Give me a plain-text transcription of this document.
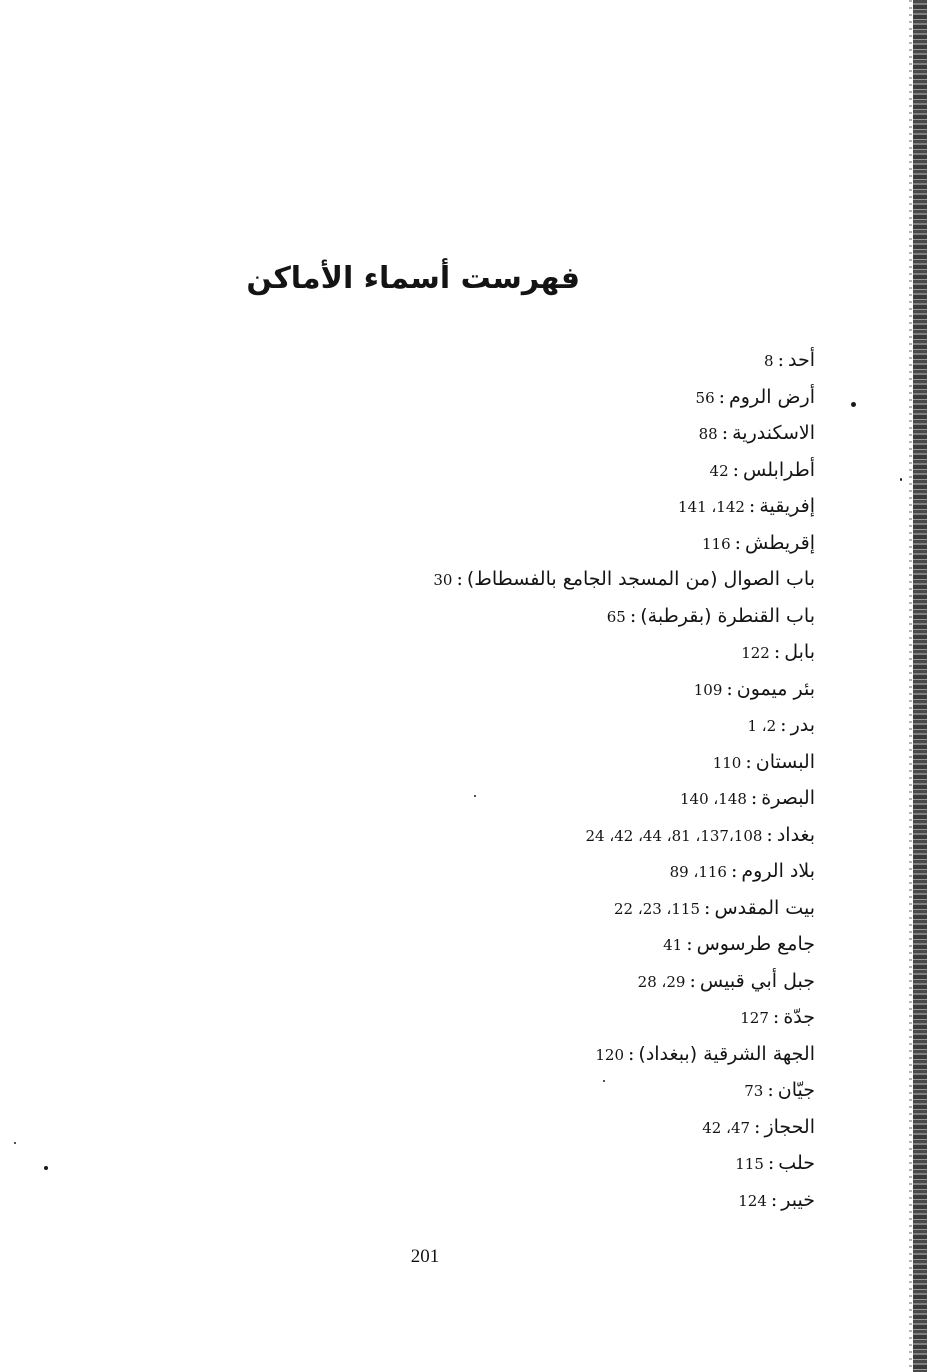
فهرست أسماء الأماكن
أحد:8
أرض الروم:56
الاسكندرية:88
أطرابلس:42
إفريقية:142، 141
إقريطش:116
باب الصوال (من المسجد الجامع بالفسطاط):30
باب القنطرة (بقرطبة):65
بابل:122
بئر ميمون:109
بدر:2، 1
البستان:110
البصرة:148، 140
بغداد:137،108، 81، 44، 42، 24
بلاد الروم:116، 89
بيت المقدس:115، 23، 22
جامع طرسوس:41
جبل أبي قبيس:29، 28
جدّة:127
الجهة الشرقية (ببغداد):120
جيّان:73
الحجاز:47، 42
حلب:115
خيبر:124
201
